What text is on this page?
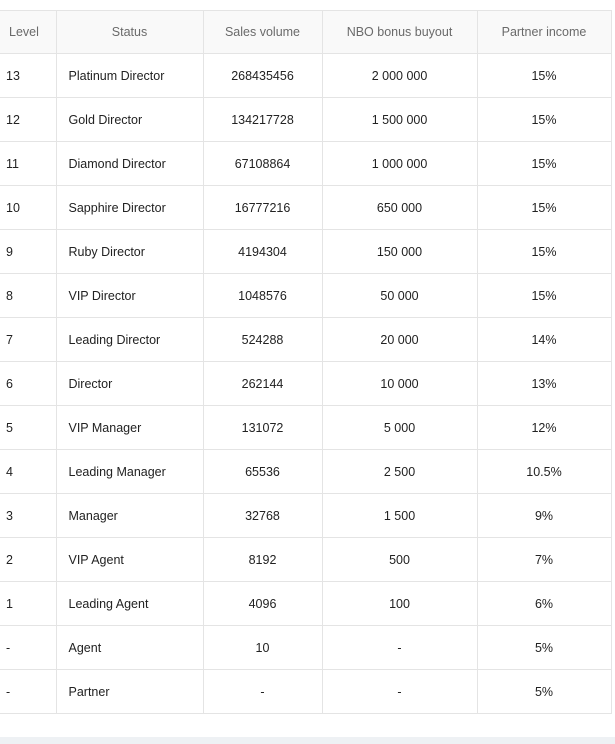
Level	Status	Sales volume	NBO bonus buyout	Partner income
13	Platinum Director	268435456	2 000 000	15%
12	Gold Director	134217728	1 500 000	15%
11	Diamond Director	67108864	1 000 000	15%
10	Sapphire Director	16777216	650 000	15%
9	Ruby Director	4194304	150 000	15%
8	VIP Director	1048576	50 000	15%
7	Leading Director	524288	20 000	14%
6	Director	262144	10 000	13%
5	VIP Manager	131072	5 000	12%
4	Leading Manager	65536	2 500	10.5%
3	Manager	32768	1 500	9%
2	VIP Agent	8192	500	7%
1	Leading Agent	4096	100	6%
-	Agent	10	-	5%
-	Partner	-	-	5%
